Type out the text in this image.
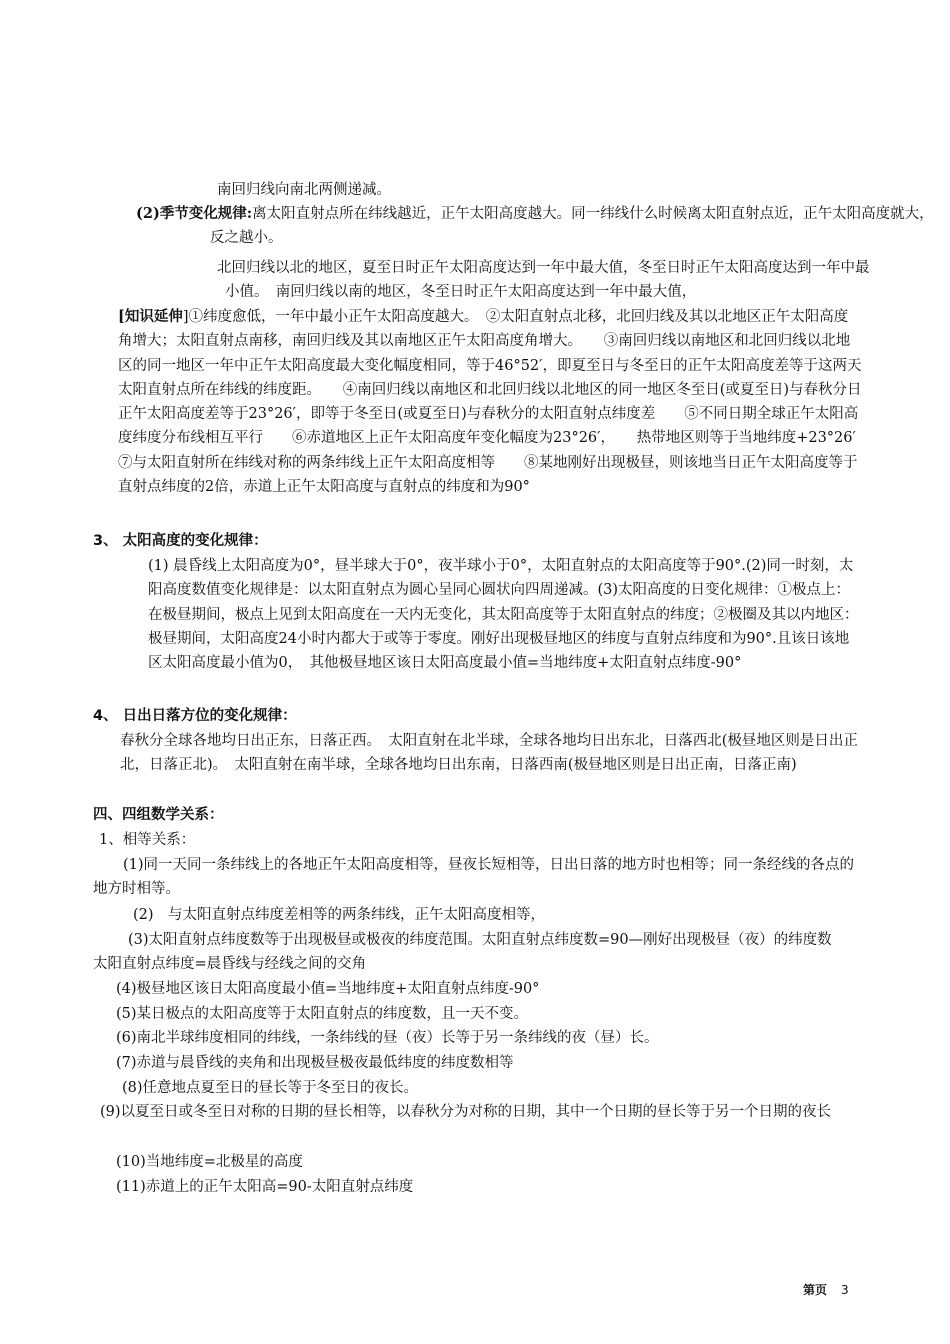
南回归线向南北两侧递减。

(2)季节变化规律:离太阳直射点所在纬线越近，正午太阳高度越大。同一纬线什么时候离太阳直射点近，正午太阳高度就大，反之越小。

北回归线以北的地区，夏至日时正午太阳高度达到一年中最大值，冬至日时正午太阳高度达到一年中最小值。　南回归线以南的地区，冬至日时正午太阳高度达到一年中最大值，

[知识延伸]①纬度愈低，一年中最小正午太阳高度越大。　②太阳直射点北移，北回归线及其以北地区正午太阳高度角增大；太阳直射点南移，南回归线及其以南地区正午太阳高度角增大。　　③南回归线以南地区和北回归线以北地区的同一地区一年中正午太阳高度最大变化幅度相同，等于46°52′，即夏至日与冬至日的正午太阳高度差等于这两天太阳直射点所在纬线的纬度距。　　④南回归线以南地区和北回归线以北地区的同一地区冬至日(或夏至日)与春秋分日正午太阳高度差等于23°26′，即等于冬至日(或夏至日)与春秋分的太阳直射点纬度差　　⑤不同日期全球正午太阳高度纬度分布线相互平行　　⑥赤道地区上正午太阳高度年变化幅度为23°26′，　　热带地区则等于当地纬度+23°26′　⑦与太阳直射所在纬线对称的两条纬线上正午太阳高度相等　　⑧某地刚好出现极昼，则该地当日正午太阳高度等于直射点纬度的2倍，赤道上正午太阳高度与直射点的纬度和为90°

3、 太阳高度的变化规律：

(1) 晨昏线上太阳高度为0°，昼半球大于0°，夜半球小于0°，太阳直射点的太阳高度等于90°.(2)同一时刻，太阳高度数值变化规律是：以太阳直射点为圆心呈同心圆状向四周递减。(3)太阳高度的日变化规律：①极点上：在极昼期间，极点上见到太阳高度在一天内无变化，其太阳高度等于太阳直射点的纬度；②极圈及其以内地区：极昼期间，太阳高度24小时内都大于或等于零度。刚好出现极昼地区的纬度与直射点纬度和为90°.且该日该地区太阳高度最小值为0，　其他极昼地区该日太阳高度最小值=当地纬度+太阳直射点纬度-90°

4、 日出日落方位的变化规律：

春秋分全球各地均日出正东，日落正西。　太阳直射在北半球，全球各地均日出东北，日落西北(极昼地区则是日出正北，日落正北)。　太阳直射在南半球，全球各地均日出东南，日落西南(极昼地区则是日出正南，日落正南)

四、四组数学关系：

1、相等关系：

(1)同一天同一条纬线上的各地正午太阳高度相等，昼夜长短相等，日出日落的地方时也相等；同一条经线的各点的地方时相等。

(2)　与太阳直射点纬度差相等的两条纬线，正午太阳高度相等，

(3)太阳直射点纬度数等于出现极昼或极夜的纬度范围。太阳直射点纬度数=90—刚好出现极昼（夜）的纬度数　　太阳直射点纬度=晨昏线与经线之间的交角

(4)极昼地区该日太阳高度最小值=当地纬度+太阳直射点纬度-90°

(5)某日极点的太阳高度等于太阳直射点的纬度数，且一天不变。

(6)南北半球纬度相同的纬线，一条纬线的昼（夜）长等于另一条纬线的夜（昼）长。

(7)赤道与晨昏线的夹角和出现极昼极夜最低纬度的纬度数相等

(8)任意地点夏至日的昼长等于冬至日的夜长。

(9)以夏至日或冬至日对称的日期的昼长相等，以春秋分为对称的日期，其中一个日期的昼长等于另一个日期的夜长

(10)当地纬度=北极星的高度

(11)赤道上的正午太阳高=90-太阳直射点纬度

第页 3
